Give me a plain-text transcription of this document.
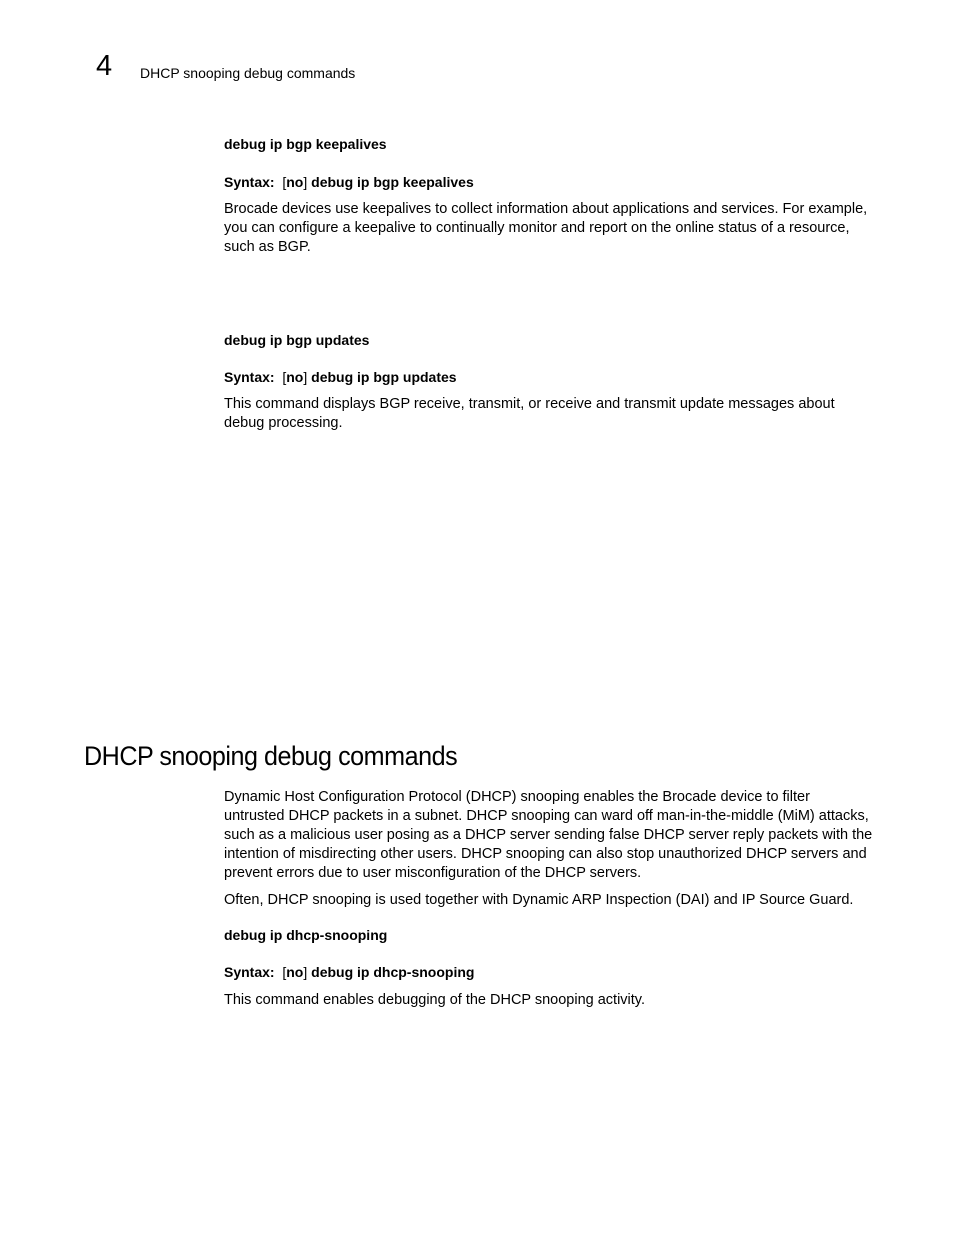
4 DHCP snooping debug commands

debug ip bgp keepalives

Syntax: [no] debug ip bgp keepalives

Brocade devices use keepalives to collect information about applications and services. For example, you can configure a keepalive to continually monitor and report on the online status of a resource, such as BGP.

debug ip bgp updates

Syntax: [no] debug ip bgp updates

This command displays BGP receive, transmit, or receive and transmit update messages about debug processing.

DHCP snooping debug commands

Dynamic Host Configuration Protocol (DHCP) snooping enables the Brocade device to filter untrusted DHCP packets in a subnet. DHCP snooping can ward off man-in-the-middle (MiM) attacks, such as a malicious user posing as a DHCP server sending false DHCP server reply packets with the intention of misdirecting other users. DHCP snooping can also stop unauthorized DHCP servers and prevent errors due to user misconfiguration of the DHCP servers.

Often, DHCP snooping is used together with Dynamic ARP Inspection (DAI) and IP Source Guard.

debug ip dhcp-snooping

Syntax: [no] debug ip dhcp-snooping

This command enables debugging of the DHCP snooping activity.
